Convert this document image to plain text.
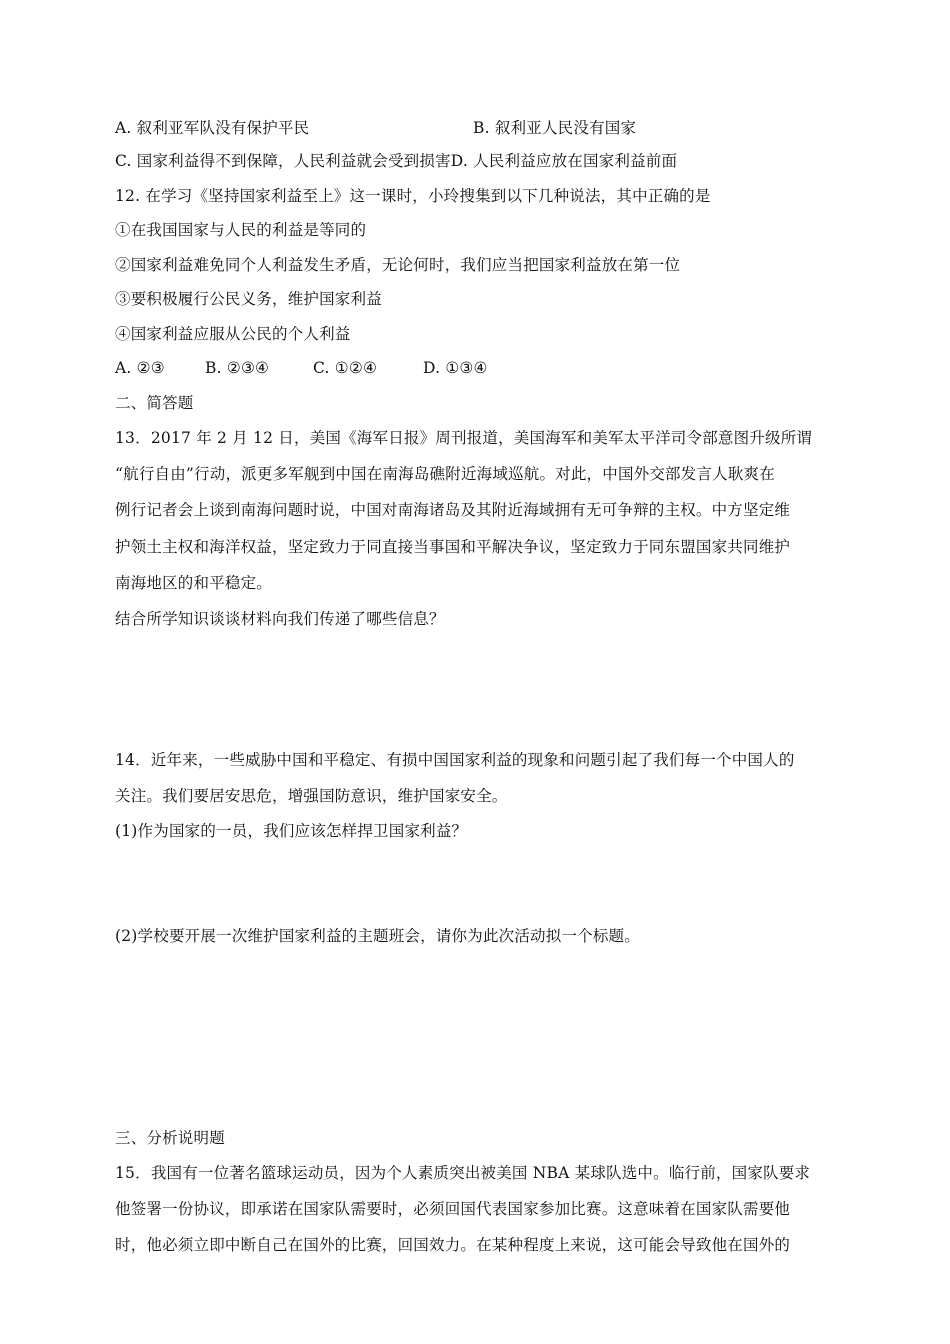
A. 叙利亚军队没有保护平民	B. 叙利亚人民没有国家
C. 国家利益得不到保障，人民利益就会受到损害D. 人民利益应放在国家利益前面
12. 在学习《坚持国家利益至上》这一课时，小玲搜集到以下几种说法，其中正确的是
①在我国国家与人民的利益是等同的
②国家利益难免同个人利益发生矛盾，无论何时，我们应当把国家利益放在第一位
③要积极履行公民义务，维护国家利益
④国家利益应服从公民的个人利益
A. ②③	B. ②③④	C. ①②④	D. ①③④
二、简答题
13．2017 年 2 月 12 日，美国《海军日报》周刊报道，美国海军和美军太平洋司令部意图升级所谓
“航行自由”行动，派更多军舰到中国在南海岛礁附近海域巡航。对此，中国外交部发言人耿爽在
例行记者会上谈到南海问题时说，中国对南海诸岛及其附近海域拥有无可争辩的主权。中方坚定维
护领土主权和海洋权益，坚定致力于同直接当事国和平解决争议，坚定致力于同东盟国家共同维护
南海地区的和平稳定。
结合所学知识谈谈材料向我们传递了哪些信息？
14．近年来，一些威胁中国和平稳定、有损中国国家利益的现象和问题引起了我们每一个中国人的
关注。我们要居安思危，增强国防意识，维护国家安全。
(1)作为国家的一员，我们应该怎样捍卫国家利益？
(2)学校要开展一次维护国家利益的主题班会，请你为此次活动拟一个标题。
三、分析说明题
15．我国有一位著名篮球运动员，因为个人素质突出被美国 NBA 某球队选中。临行前，国家队要求
他签署一份协议，即承诺在国家队需要时，必须回国代表国家参加比赛。这意味着在国家队需要他
时，他必须立即中断自己在国外的比赛，回国效力。在某种程度上来说，这可能会导致他在国外的
